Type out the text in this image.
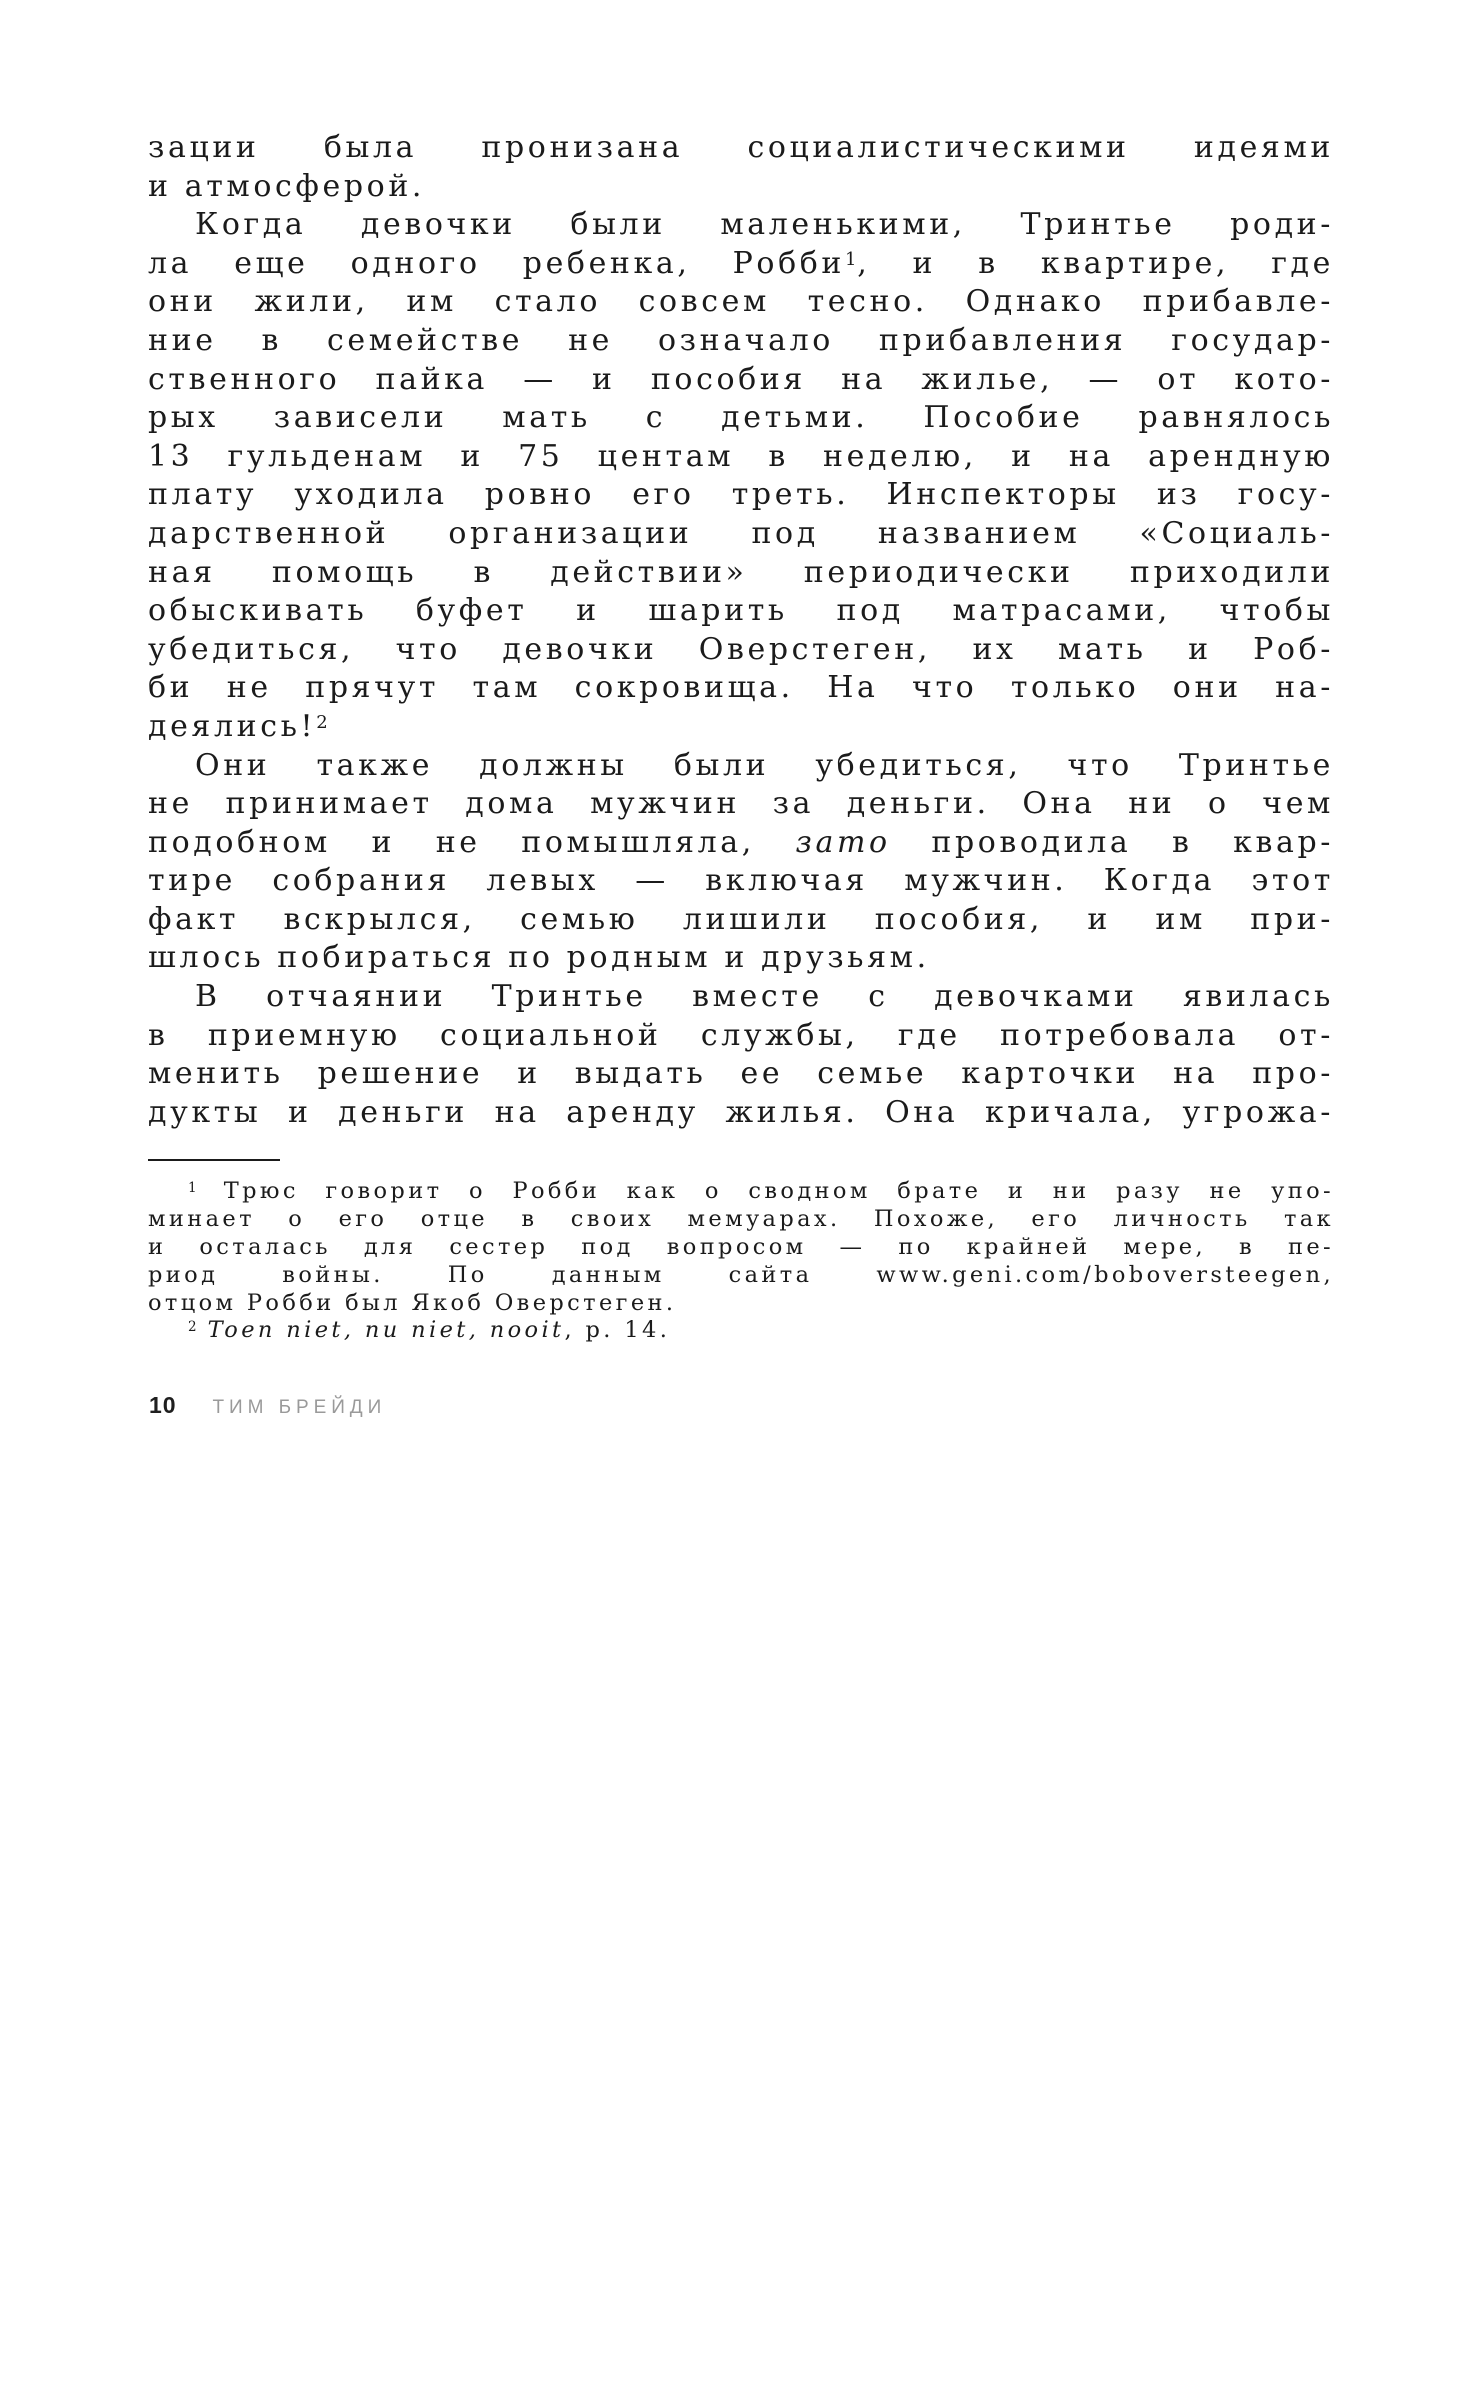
зации была пронизана социалистическими идеями
и атмосферой.
Когда девочки были маленькими, Тринтье роди-
ла еще одного ребенка, Робби$^1$, и в квартире, где
они жили, им стало совсем тесно. Однако прибавле-
ние в семействе не означало прибавления государ-
ственного пайка — и пособия на жилье, — от кото-
рых зависели мать с детьми. Пособие равнялось
13 гульденам и 75 центам в неделю, и на арендную
плату уходила ровно его треть. Инспекторы из госу-
дарственной организации под названием «Социаль-
ная помощь в действии» периодически приходили
обыскивать буфет и шарить под матрасами, чтобы
убедиться, что девочки Оверстеген, их мать и Роб-
би не прячут там сокровища. На что только они на-
деялись!$^2$
Они также должны были убедиться, что Тринтье
не принимает дома мужчин за деньги. Она ни о чем
подобном и не помышляла, зато проводила в квар-
тире собрания левых — включая мужчин. Когда этот
факт вскрылся, семью лишили пособия, и им при-
шлось побираться по родным и друзьям.
В отчаянии Тринтье вместе с девочками явилась
в приемную социальной службы, где потребовала от-
менить решение и выдать ее семье карточки на про-
дукты и деньги на аренду жилья. Она кричала, угрожа-
$^1$ Трюс говорит о Робби как о сводном брате и ни разу не упо-
минает о его отце в своих мемуарах. Похоже, его личность так
и осталась для сестер под вопросом — по крайней мере, в пе-
риод войны. По данным сайта www.geni.com/boboversteegen,
отцом Робби был Якоб Оверстеген.
$^2$ Toen niet, nu niet, nooit, p. 14.
10 ТИМ БРЕЙДИ
